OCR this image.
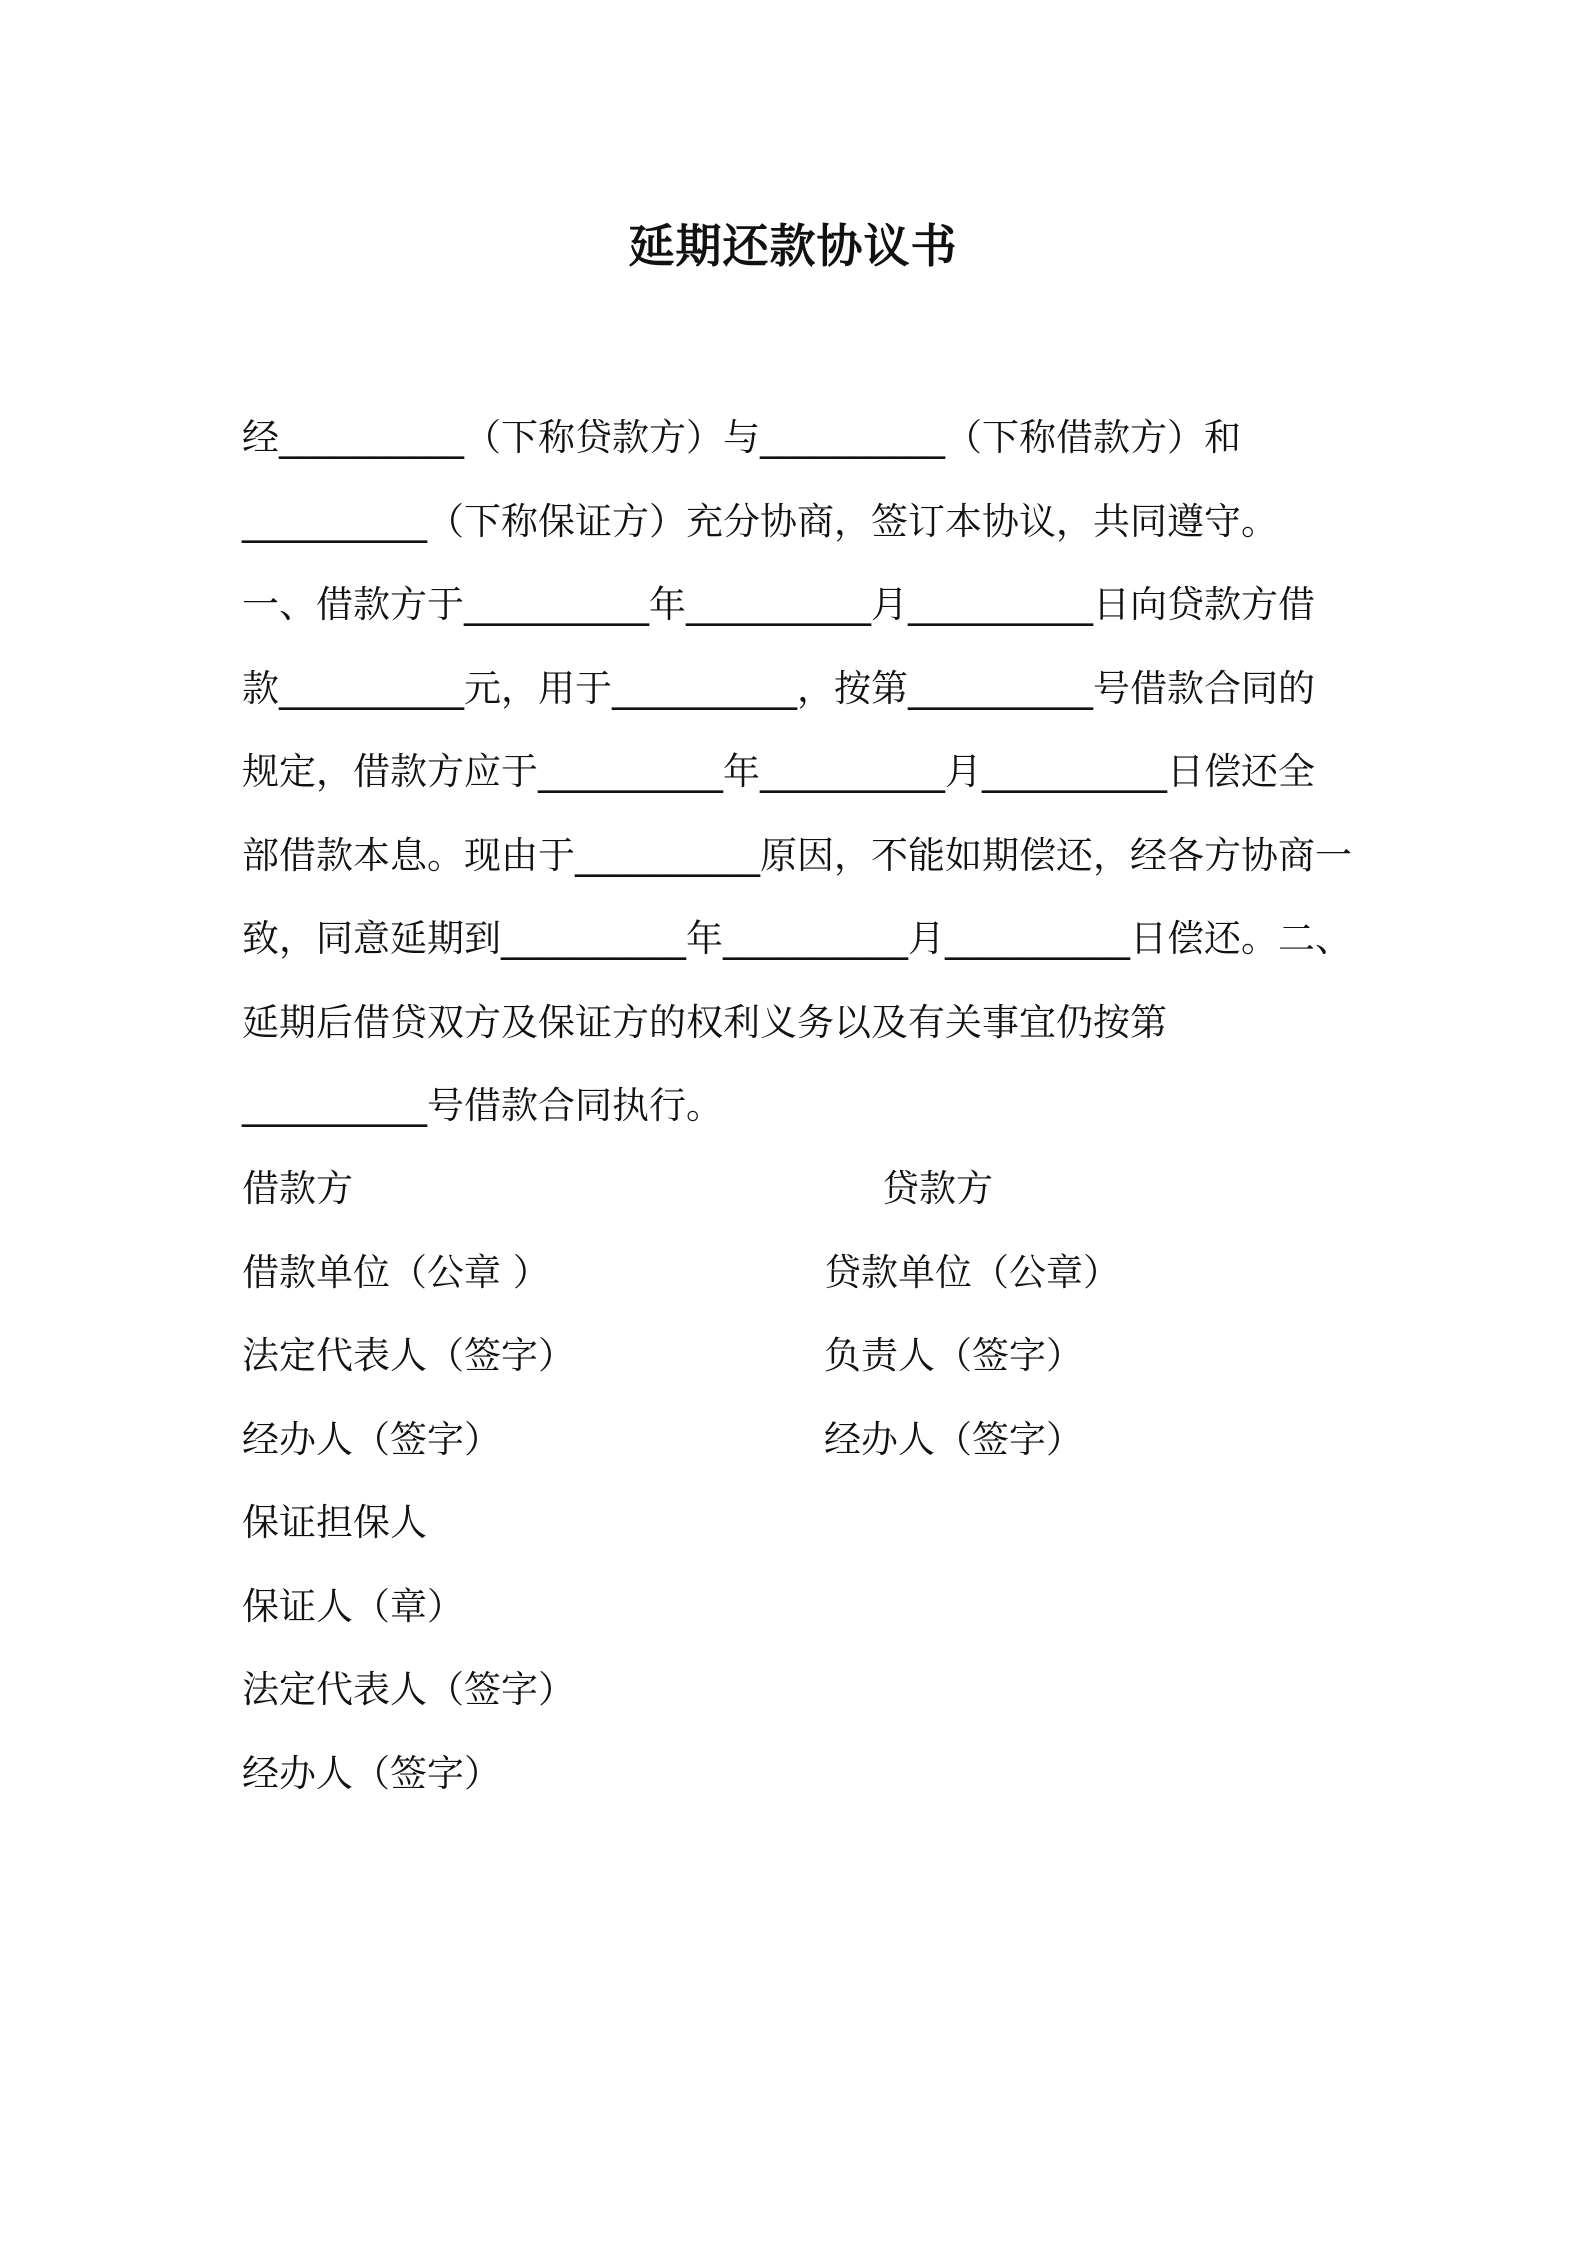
延期还款协议书
经__________（下称贷款方）与__________（下称借款方）和
__________（下称保证方）充分协商，签订本协议，共同遵守。
一、借款方于__________年__________月__________日向贷款方借
款__________元，用于__________，按第__________号借款合同的
规定，借款方应于__________年__________月__________日偿还全
部借款本息。现由于__________原因，不能如期偿还，经各方协商一
致，同意延期到__________年__________月__________日偿还。二、
延期后借贷双方及保证方的权利义务以及有关事宜仍按第
__________号借款合同执行。
借款方	贷款方
借款单位（公章 ）	贷款单位（公章）
法定代表人（签字）	负责人（签字）
经办人（签字）	经办人（签字）
保证担保人
保证人（章）
法定代表人（签字）
经办人（签字）
